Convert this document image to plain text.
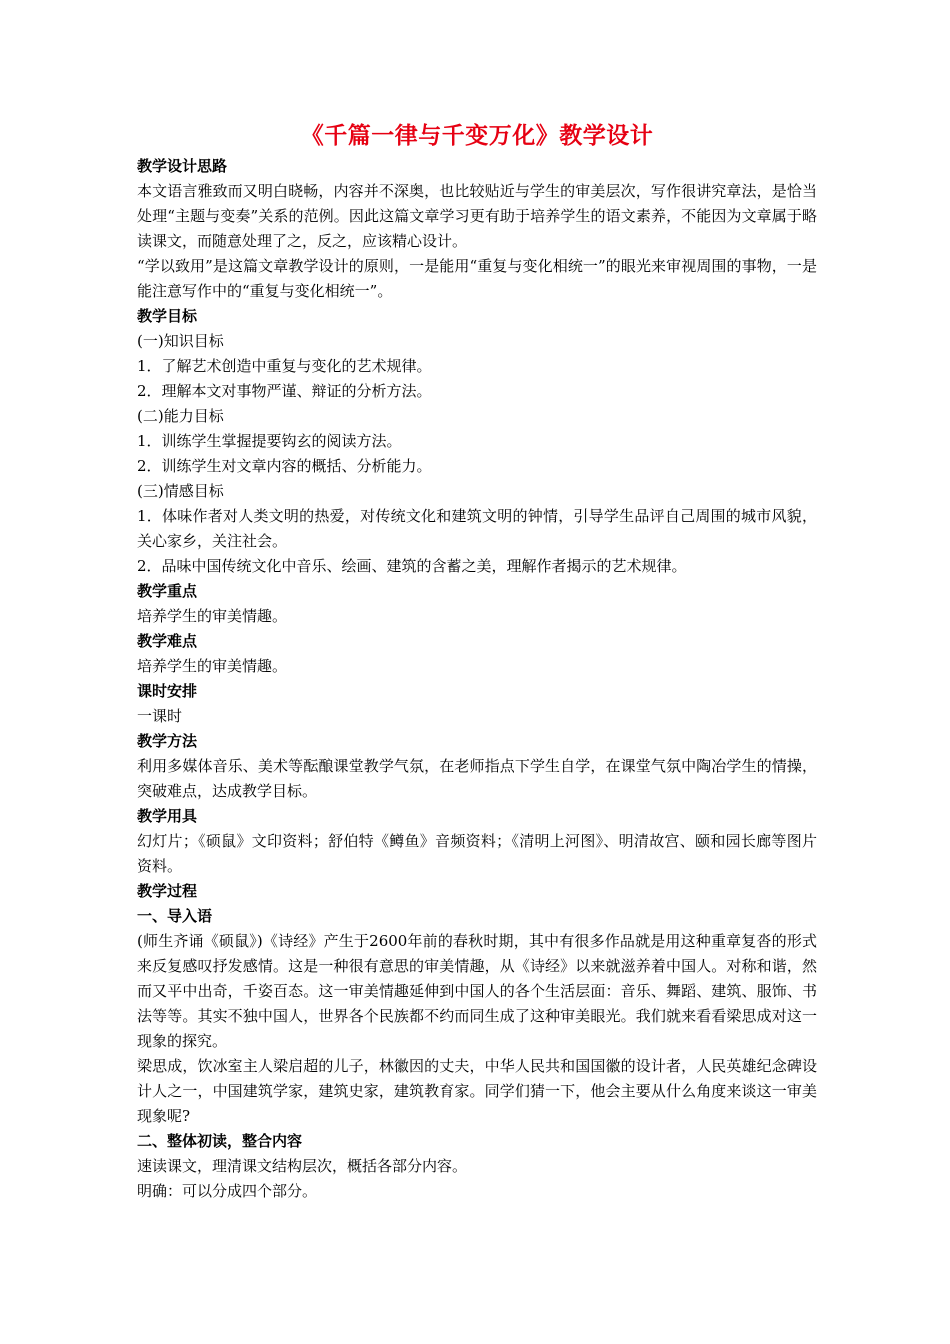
《千篇一律与千变万化》教学设计

教学设计思路

本文语言雅致而又明白晓畅，内容并不深奥，也比较贴近与学生的审美层次，写作很讲究章法，是恰当处理“主题与变奏”关系的范例。因此这篇文章学习更有助于培养学生的语文素养，不能因为文章属于略读课文，而随意处理了之，反之，应该精心设计。

“学以致用”是这篇文章教学设计的原则，一是能用“重复与变化相统一”的眼光来审视周围的事物，一是能注意写作中的“重复与变化相统一”。

教学目标

(一)知识目标

1．了解艺术创造中重复与变化的艺术规律。

2．理解本文对事物严谨、辩证的分析方法。

(二)能力目标

1．训练学生掌握提要钩玄的阅读方法。

2．训练学生对文章内容的概括、分析能力。

(三)情感目标

1．体味作者对人类文明的热爱，对传统文化和建筑文明的钟情，引导学生品评自己周围的城市风貌，关心家乡，关注社会。

2．品味中国传统文化中音乐、绘画、建筑的含蓄之美，理解作者揭示的艺术规律。

教学重点

培养学生的审美情趣。

教学难点

培养学生的审美情趣。

课时安排

一课时

教学方法

利用多媒体音乐、美术等酝酿课堂教学气氛，在老师指点下学生自学，在课堂气氛中陶冶学生的情操，突破难点，达成教学目标。

教学用具

幻灯片；《硕鼠》文印资料；舒伯特《鳟鱼》音频资料；《清明上河图》、明清故宫、颐和园长廊等图片资料。

教学过程

一、导入语

(师生齐诵《硕鼠》)《诗经》产生于2600年前的春秋时期，其中有很多作品就是用这种重章复沓的形式来反复感叹抒发感情。这是一种很有意思的审美情趣，从《诗经》以来就滋养着中国人。对称和谐，然而又平中出奇，千姿百态。这一审美情趣延伸到中国人的各个生活层面：音乐、舞蹈、建筑、服饰、书法等等。其实不独中国人，世界各个民族都不约而同生成了这种审美眼光。我们就来看看梁思成对这一现象的探究。

梁思成，饮冰室主人梁启超的儿子，林徽因的丈夫，中华人民共和国国徽的设计者，人民英雄纪念碑设计人之一，中国建筑学家，建筑史家，建筑教育家。同学们猜一下，他会主要从什么角度来谈这一审美现象呢?

二、整体初读，整合内容

速读课文，理清课文结构层次，概括各部分内容。

明确：可以分成四个部分。
